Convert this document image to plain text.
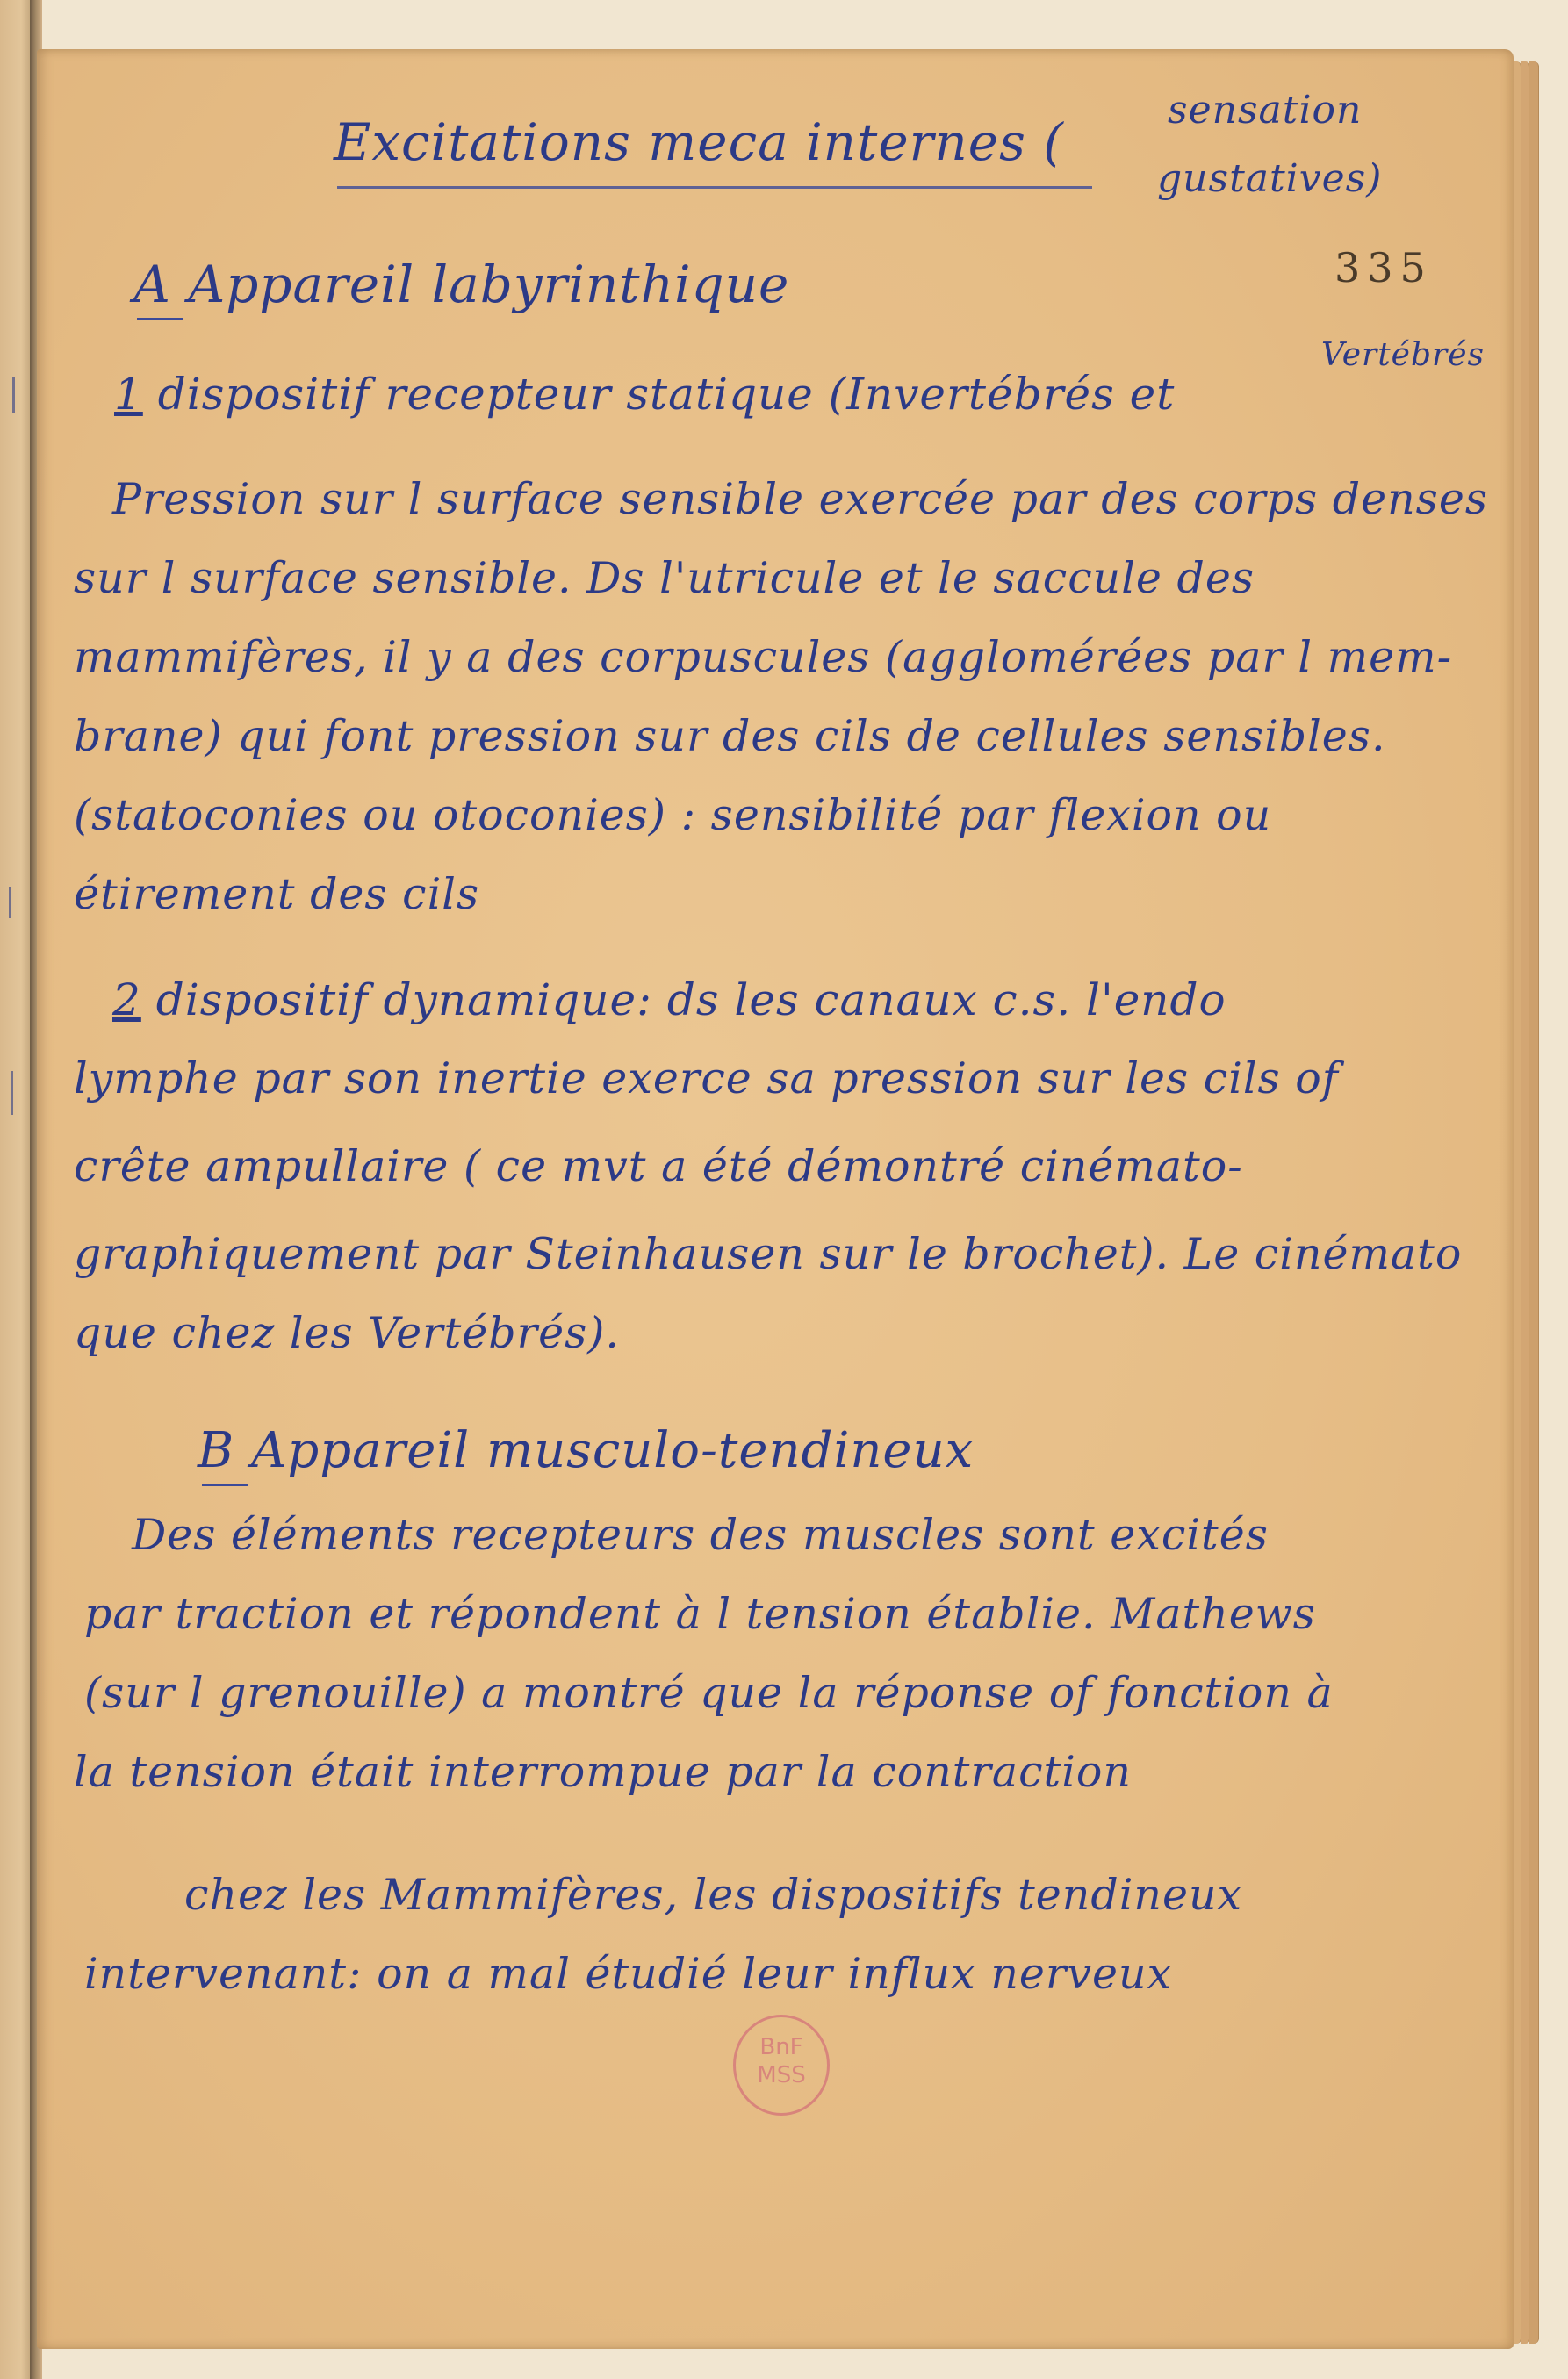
Excitations meca internes (
sensation
gustatives)
335
A Appareil labyrinthique
1 dispositif recepteur statique (Invertébrés et
Vertébrés
Pression sur l surface sensible exercée par des corps denses
sur l surface sensible. Ds l'utricule et le saccule des
mammifères, il y a des corpuscules (agglomérées par l mem-
brane) qui font pression sur des cils de cellules sensibles.
(statoconies ou otoconies) : sensibilité par flexion ou
étirement des cils
2 dispositif dynamique: ds les canaux c.s. l'endo
lymphe par son inertie exerce sa pression sur les cils of
crête ampullaire ( ce mvt a été démontré cinémato-
graphiquement par Steinhausen sur le brochet). Le cinémato
que chez les Vertébrés).
B Appareil musculo-tendineux
Des éléments recepteurs des muscles sont excités
par traction et répondent à l tension établie. Mathews
(sur l grenouille) a montré que la réponse of fonction à
la tension était interrompue par la contraction
chez les Mammifères, les dispositifs tendineux
intervenant: on a mal étudié leur influx nerveux
BnF
MSS
